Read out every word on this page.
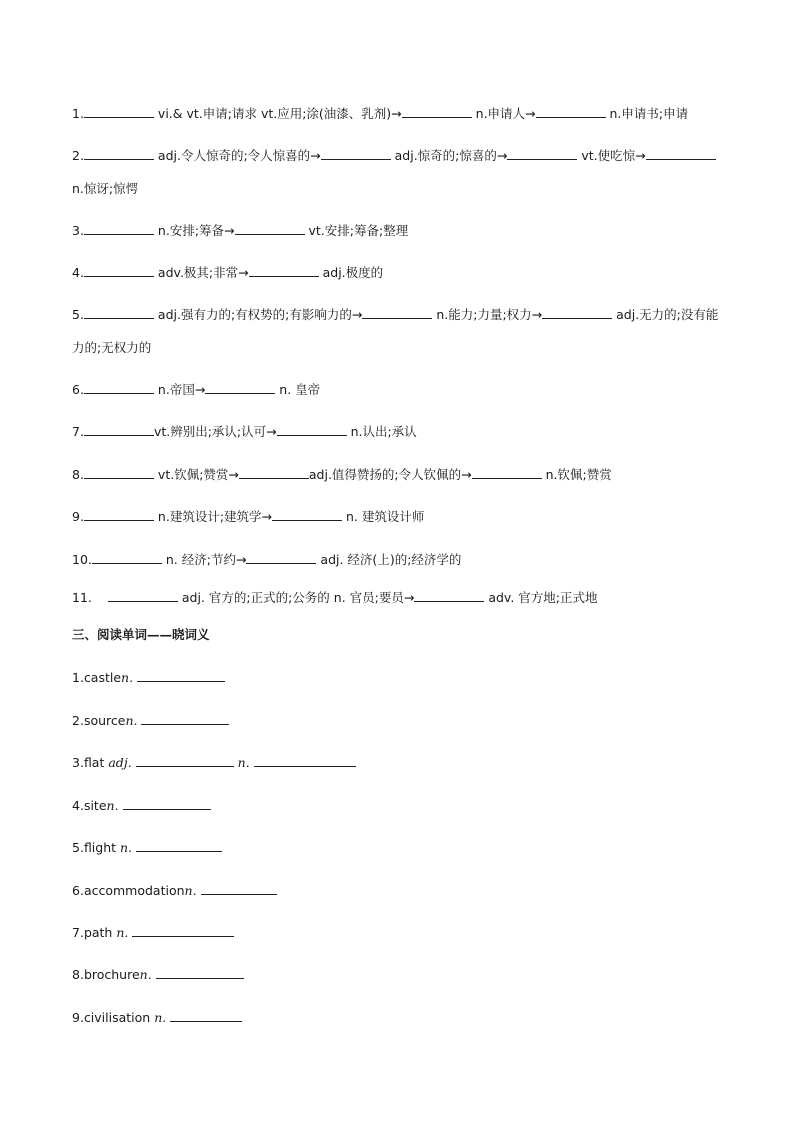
1.	vi.& vt.申请;请求 vt.应用;涂(油漆、乳剂)→	n.申请人→	n.申请书;申请
2.	adj.令人惊奇的;令人惊喜的→	adj.惊奇的;惊喜的→	vt.使吃惊→ n.惊讶;惊愕
3.	n.安排;筹备→	vt.安排;筹备;整理
4.	adv.极其;非常→	adj.极度的
5.	adj.强有力的;有权势的;有影响力的→	n.能力;力量;权力→	adj.无力的;没有能力的;无权力的
6.	n.帝国→	n. 皇帝
7.	vt.辨别出;承认;认可→	n.认出;承认
8.	vt.钦佩;赞赏→	adj.值得赞扬的;令人钦佩的→	n.钦佩;赞赏
9.	n.建筑设计;建筑学→	n. 建筑设计师
10.	n. 经济;节约→	adj. 经济(上)的;经济学的
11.	adj. 官方的;正式的;公务的 n. 官员;要员→	adv. 官方地;正式地
三、阅读单词——晓词义
1.castlen.
2.sourcen.
3.flat adj.	n.
4.siten.
5.flight n.
6.accommodationn.
7.path n.
8.brochuren.
9.civilisation n.
